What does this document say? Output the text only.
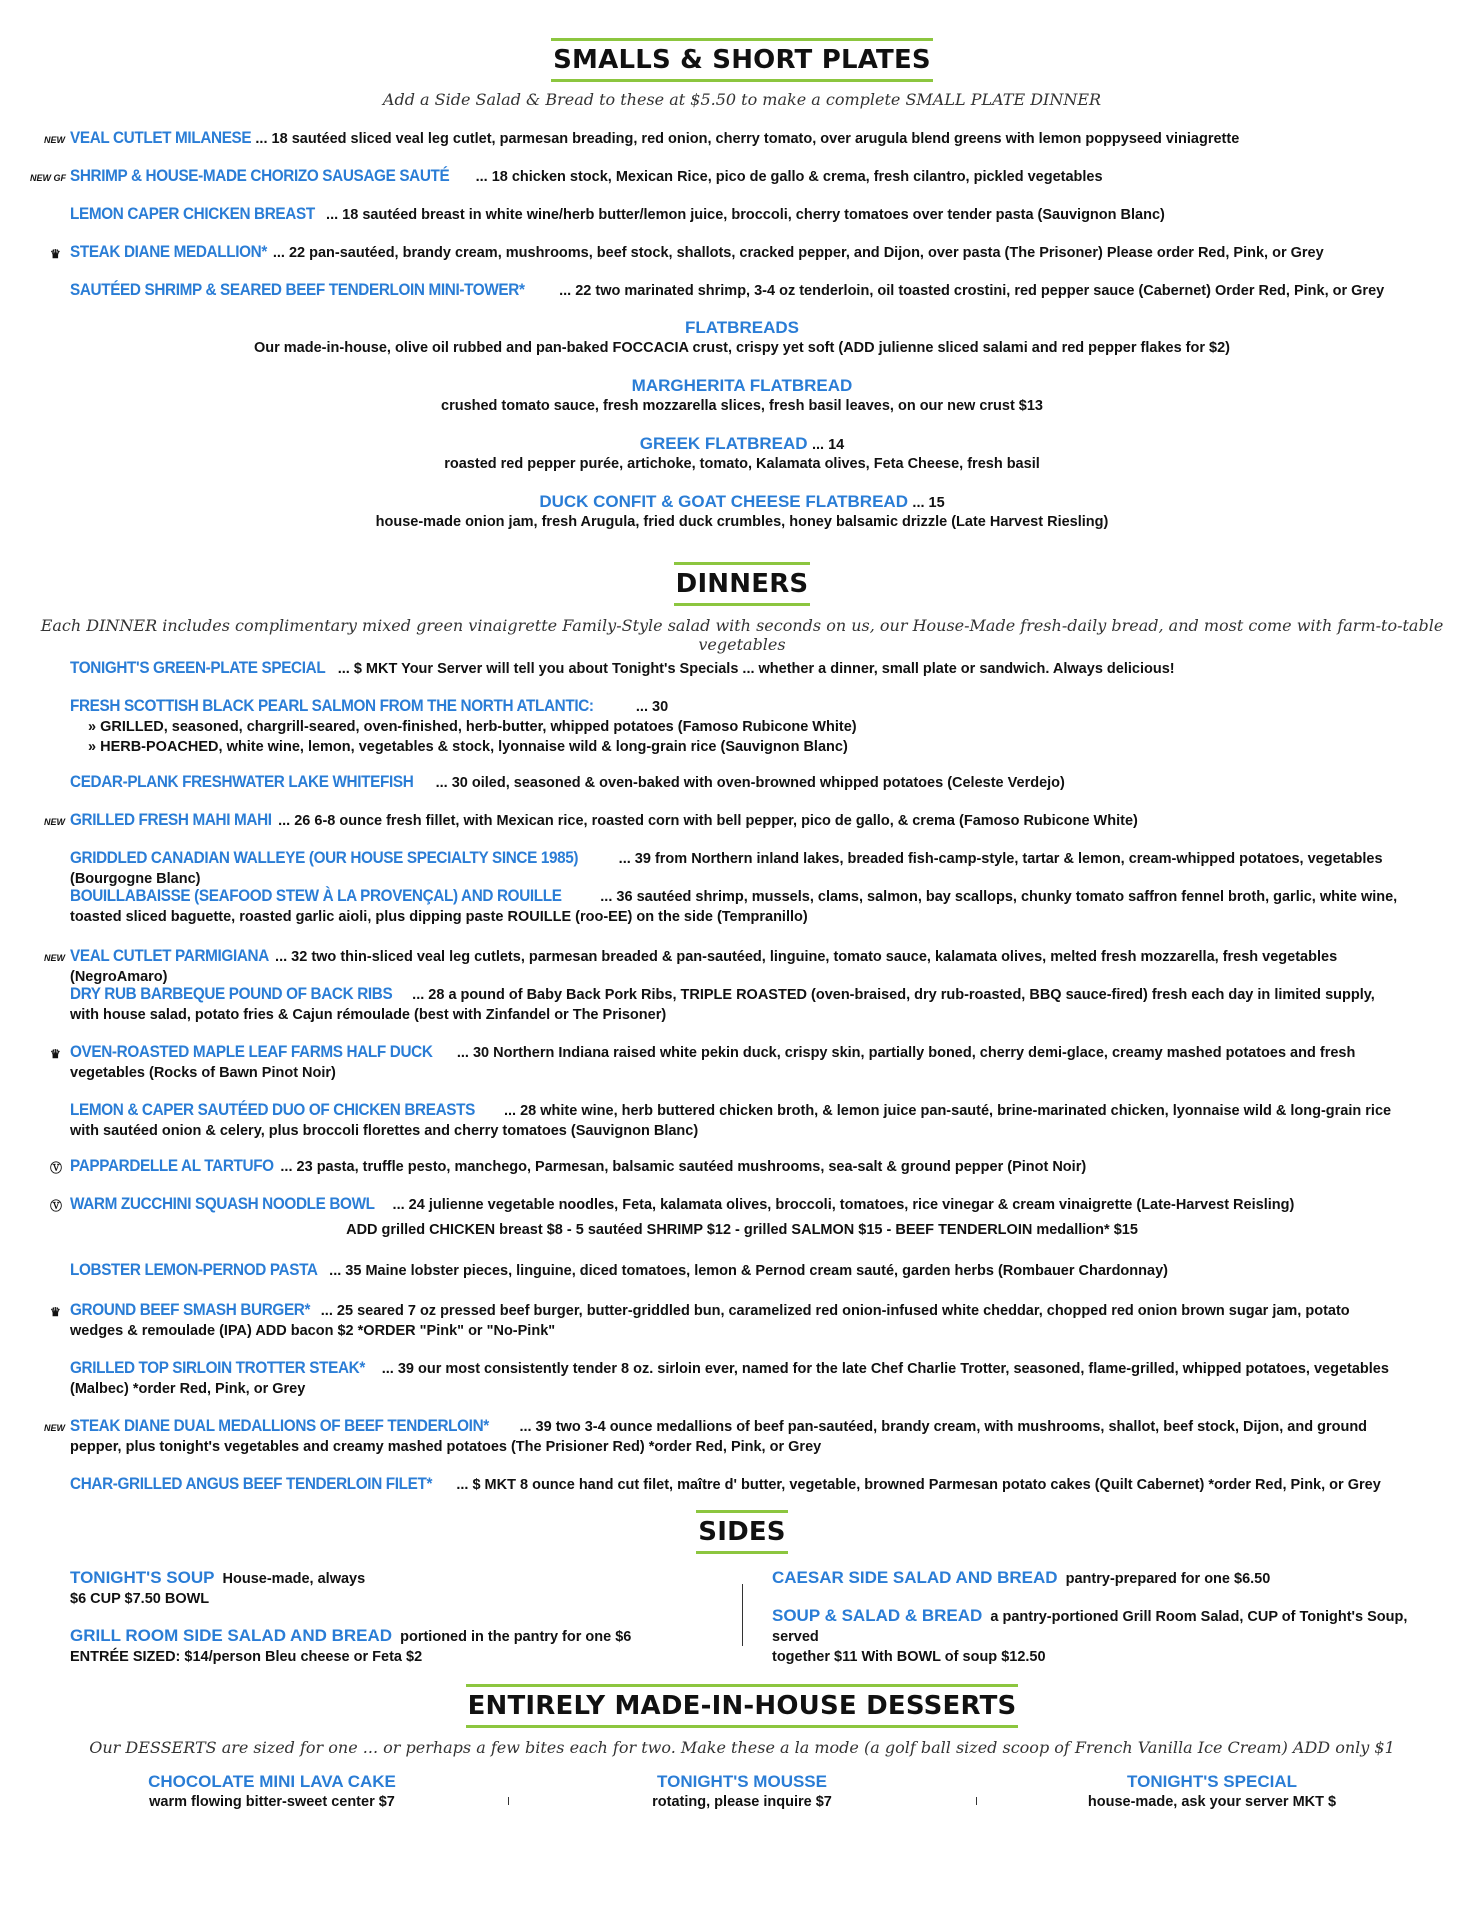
SMALLS & SHORT PLATES
Add a Side Salad & Bread to these at $5.50 to make a complete SMALL PLATE DINNER
NEW VEAL CUTLET MILANESE ... 18 sautéed sliced veal leg cutlet, parmesan breading, red onion, cherry tomato, over arugula blend greens with lemon poppyseed viniagrette
NEW GF SHRIMP & HOUSE-MADE CHORIZO SAUSAGE SAUTÉ ... 18 chicken stock, Mexican Rice, pico de gallo & crema, fresh cilantro, pickled vegetables
LEMON CAPER CHICKEN BREAST ... 18 sautéed breast in white wine/herb butter/lemon juice, broccoli, cherry tomatoes over tender pasta (Sauvignon Blanc)
♛ STEAK DIANE MEDALLION* ... 22 pan-sautéed, brandy cream, mushrooms, beef stock, shallots, cracked pepper, and Dijon, over pasta (The Prisoner) Please order Red, Pink, or Grey
SAUTÉED SHRIMP & SEARED BEEF TENDERLOIN MINI-TOWER* ... 22 two marinated shrimp, 3-4 oz tenderloin, oil toasted crostini, red pepper sauce (Cabernet) Order Red, Pink, or Grey
FLATBREADS
Our made-in-house, olive oil rubbed and pan-baked FOCCACIA crust, crispy yet soft (ADD julienne sliced salami and red pepper flakes for $2)
MARGHERITA FLATBREAD
crushed tomato sauce, fresh mozzarella slices, fresh basil leaves, on our new crust $13
GREEK FLATBREAD ... 14
roasted red pepper purée, artichoke, tomato, Kalamata olives, Feta Cheese, fresh basil
DUCK CONFIT & GOAT CHEESE FLATBREAD ... 15
house-made onion jam, fresh Arugula, fried duck crumbles, honey balsamic drizzle (Late Harvest Riesling)
DINNERS
Each DINNER includes complimentary mixed green vinaigrette Family-Style salad with seconds on us, our House-Made fresh-daily bread, and most come with farm-to-table vegetables
TONIGHT'S GREEN-PLATE SPECIAL ... $ MKT Your Server will tell you about Tonight's Specials ... whether a dinner, small plate or sandwich. Always delicious!
FRESH SCOTTISH BLACK PEARL SALMON FROM THE NORTH ATLANTIC:	... 30
» GRILLED, seasoned, chargrill-seared, oven-finished, herb-butter, whipped potatoes (Famoso Rubicone White)
» HERB-POACHED, white wine, lemon, vegetables & stock, lyonnaise wild & long-grain rice (Sauvignon Blanc)
CEDAR-PLANK FRESHWATER LAKE WHITEFISH ... 30 oiled, seasoned & oven-baked with oven-browned whipped potatoes (Celeste Verdejo)
NEW GRILLED FRESH MAHI MAHI ... 26 6-8 ounce fresh fillet, with Mexican rice, roasted corn with bell pepper, pico de gallo, & crema (Famoso Rubicone White)
GRIDDLED CANADIAN WALLEYE (OUR HOUSE SPECIALTY SINCE 1985)	... 39 from Northern inland lakes, breaded fish-camp-style, tartar & lemon, cream-whipped potatoes, vegetables (Bourgogne Blanc)
BOUILLABAISSE (SEAFOOD STEW À LA PROVENÇAL) AND ROUILLE	... 36 sautéed shrimp, mussels, clams, salmon, bay scallops, chunky tomato saffron fennel broth, garlic, white wine, toasted sliced baguette, roasted garlic aioli, plus dipping paste ROUILLE (roo-EE) on the side (Tempranillo)
NEW VEAL CUTLET PARMIGIANA ... 32 two thin-sliced veal leg cutlets, parmesan breaded & pan-sautéed, linguine, tomato sauce, kalamata olives, melted fresh mozzarella, fresh vegetables (NegroAmaro)
DRY RUB BARBEQUE POUND OF BACK RIBS ... 28 a pound of Baby Back Pork Ribs, TRIPLE ROASTED (oven-braised, dry rub-roasted, BBQ sauce-fired) fresh each day in limited supply, with house salad, potato fries & Cajun rémoulade (best with Zinfandel or The Prisoner)
♛ OVEN-ROASTED MAPLE LEAF FARMS HALF DUCK ... 30 Northern Indiana raised white pekin duck, crispy skin, partially boned, cherry demi-glace, creamy mashed potatoes and fresh vegetables (Rocks of Bawn Pinot Noir)
LEMON & CAPER SAUTÉED DUO OF CHICKEN BREASTS ... 28 white wine, herb buttered chicken broth, & lemon juice pan-sauté, brine-marinated chicken, lyonnaise wild & long-grain rice with sautéed onion & celery, plus broccoli florettes and cherry tomatoes (Sauvignon Blanc)
Ⓥ PAPPARDELLE AL TARTUFO ... 23 pasta, truffle pesto, manchego, Parmesan, balsamic sautéed mushrooms, sea-salt & ground pepper (Pinot Noir)
Ⓥ WARM ZUCCHINI SQUASH NOODLE BOWL ... 24 julienne vegetable noodles, Feta, kalamata olives, broccoli, tomatoes, rice vinegar & cream vinaigrette (Late-Harvest Reisling)
ADD grilled CHICKEN breast $8 - 5 sautéed SHRIMP $12 - grilled SALMON $15 - BEEF TENDERLOIN medallion* $15
LOBSTER LEMON-PERNOD PASTA ... 35 Maine lobster pieces, linguine, diced tomatoes, lemon & Pernod cream sauté, garden herbs (Rombauer Chardonnay)
♛ GROUND BEEF SMASH BURGER* ... 25 seared 7 oz pressed beef burger, butter-griddled bun, caramelized red onion-infused white cheddar, chopped red onion brown sugar jam, potato wedges & remoulade (IPA) ADD bacon $2 *ORDER "Pink" or "No-Pink"
GRILLED TOP SIRLOIN TROTTER STEAK* ... 39 our most consistently tender 8 oz. sirloin ever, named for the late Chef Charlie Trotter, seasoned, flame-grilled, whipped potatoes, vegetables (Malbec) *order Red, Pink, or Grey
NEW STEAK DIANE DUAL MEDALLIONS OF BEEF TENDERLOIN* ... 39 two 3-4 ounce medallions of beef pan-sautéed, brandy cream, with mushrooms, shallot, beef stock, Dijon, and ground pepper, plus tonight's vegetables and creamy mashed potatoes (The Prisioner Red) *order Red, Pink, or Grey
CHAR-GRILLED ANGUS BEEF TENDERLOIN FILET* ... $ MKT 8 ounce hand cut filet, maître d' butter, vegetable, browned Parmesan potato cakes (Quilt Cabernet) *order Red, Pink, or Grey
SIDES
TONIGHT'S SOUP House-made, always
$6 CUP $7.50 BOWL
GRILL ROOM SIDE SALAD AND BREAD portioned in the pantry for one $6
ENTRÉE SIZED: $14/person Bleu cheese or Feta $2
CAESAR SIDE SALAD AND BREAD pantry-prepared for one $6.50
SOUP & SALAD & BREAD a pantry-portioned Grill Room Salad, CUP of Tonight's Soup, served
together $11 With BOWL of soup $12.50
ENTIRELY MADE-IN-HOUSE DESSERTS
Our DESSERTS are sized for one ... or perhaps a few bites each for two. Make these a la mode (a golf ball sized scoop of French Vanilla Ice Cream) ADD only $1
CHOCOLATE MINI LAVA CAKE
warm flowing bitter-sweet center $7
TONIGHT'S MOUSSE
rotating, please inquire $7
TONIGHT'S SPECIAL
house-made, ask your server MKT $
